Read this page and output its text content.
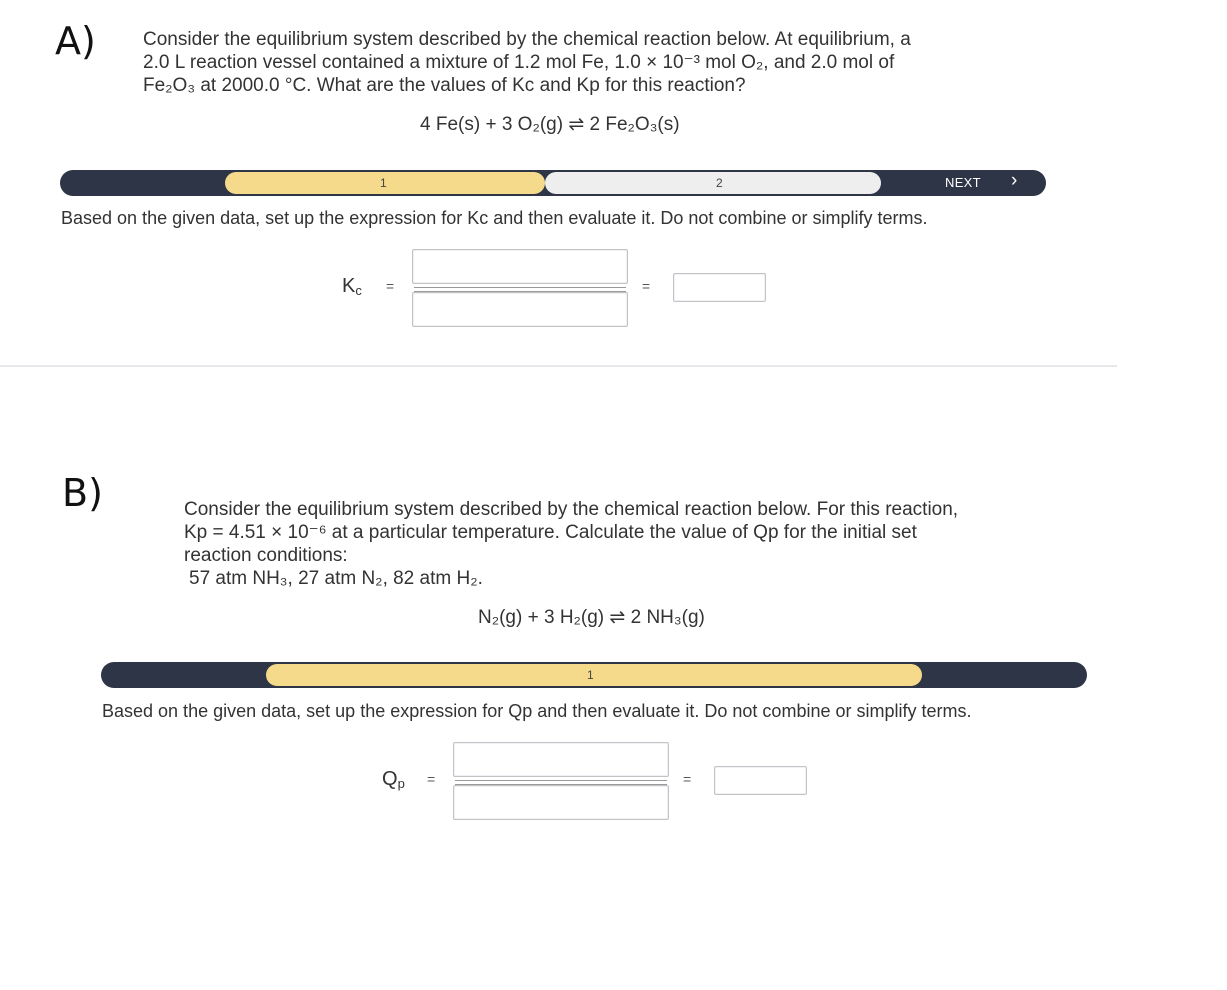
A) Consider the equilibrium system described by the chemical reaction below. At equilibrium, a
2.0 L reaction vessel contained a mixture of 1.2 mol Fe, 1.0 × 10⁻³ mol O₂, and 2.0 mol of
Fe₂O₃ at 2000.0 °C. What are the values of Kc and Kp for this reaction?
4 Fe(s) + 3 O₂(g) ⇌ 2 Fe₂O₃(s)
1	2	NEXT ›
Based on the given data, set up the expression for Kc and then evaluate it. Do not combine or simplify terms.
$K_c$ =	=
B)	Consider the equilibrium system described by the chemical reaction below. For this reaction,
Kp = 4.51 × 10⁻⁶ at a particular temperature. Calculate the value of Qp for the initial set
reaction conditions:
57 atm NH₃, 27 atm N₂, 82 atm H₂.
N₂(g) + 3 H₂(g) ⇌ 2 NH₃(g)
1
Based on the given data, set up the expression for Qp and then evaluate it. Do not combine or simplify terms.
$Q_p$ =	=
